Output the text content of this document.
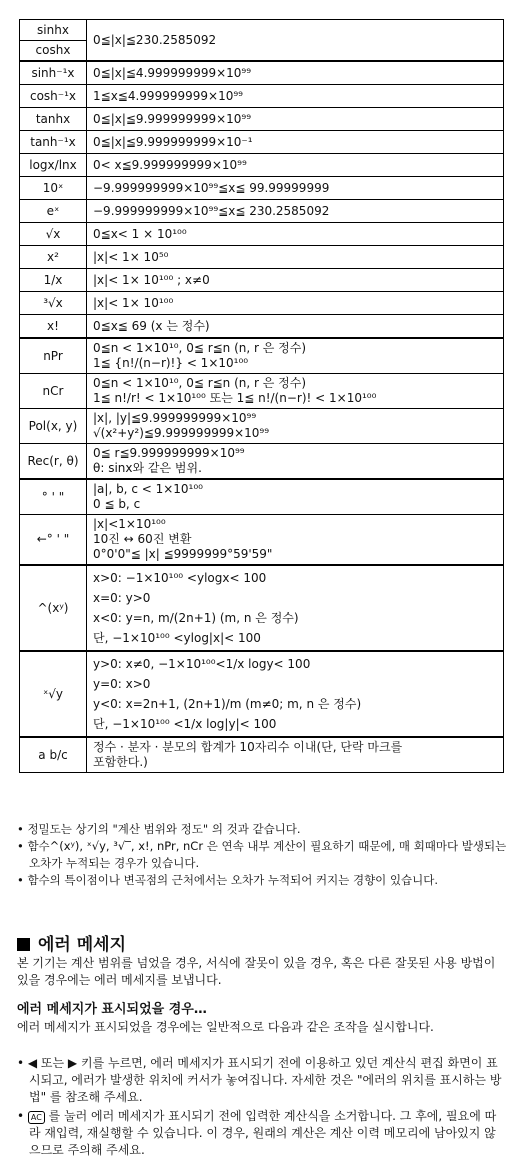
sinhx
coshx	0≦|x|≦230.2585092
sinh⁻¹x	0≦|x|≦4.999999999×10⁹⁹
cosh⁻¹x	1≦x≦4.999999999×10⁹⁹
tanhx	0≦|x|≦9.999999999×10⁹⁹
tanh⁻¹x	0≦|x|≦9.999999999×10⁻¹
logx/lnx	0< x≦9.999999999×10⁹⁹
10ˣ	−9.999999999×10⁹⁹≦x≦ 99.99999999
eˣ	−9.999999999×10⁹⁹≦x≦ 230.2585092
√x	0≦x< 1 × 10¹⁰⁰
x²	|x|< 1× 10⁵⁰
1/x	|x|< 1× 10¹⁰⁰ ; x≠0
³√x	|x|< 1× 10¹⁰⁰
x!	0≦x≦ 69 (x 는 정수)
nPr	0≦n < 1×10¹⁰, 0≦ r≦n (n, r 은 정수)
1≦ {n!/(n−r)!} < 1×10¹⁰⁰

nCr	0≦n < 1×10¹⁰, 0≦ r≦n (n, r 은 정수)
1≦ n!/r! < 1×10¹⁰⁰ 또는 1≦ n!/(n−r)! < 1×10¹⁰⁰

Pol(x, y)	|x|, |y|≦9.999999999×10⁹⁹
√(x²+y²)≦9.999999999×10⁹⁹

Rec(r, θ)	0≦ r≦9.999999999×10⁹⁹
θ: sinx와 같은 범위.

° ' "	|a|, b, c < 1×10¹⁰⁰
0 ≦ b, c

←° ' "	|x|<1×10¹⁰⁰
10진 ↔ 60진 변환
0°0'0"≦ |x| ≦9999999°59'59"

^(xʸ)	x>0: −1×10¹⁰⁰ <ylogx< 100
x=0: y>0
x<0: y=n, m/(2n+1) (m, n 은 정수)
단, −1×10¹⁰⁰ <ylog|x|< 100

ˣ√y	y>0: x≠0, −1×10¹⁰⁰<1/x logy< 100
y=0: x>0
y<0: x=2n+1, (2n+1)/m (m≠0; m, n 은 정수)
단, −1×10¹⁰⁰ <1/x log|y|< 100

a b/c	정수 · 분자 · 분모의 합계가 10자리수 이내(단, 단락 마크를
포함한다.)
• 정밀도는 상기의 "계산 범위와 정도" 의 것과 같습니다.
• 함수^(xʸ), ˣ√y, ³√‾, x!, nPr, nCr 은 연속 내부 계산이 필요하기 때문에, 매 회때마다 발생되는 오차가 누적되는 경우가 있습니다.
• 함수의 특이점이나 변곡점의 근처에서는 오차가 누적되어 커지는 경향이 있습니다.
에러 메세지
본 기기는 계산 범위를 넘었을 경우, 서식에 잘못이 있을 경우, 혹은 다른 잘못된 사용 방법이 있을 경우에는 에러 메세지를 보냅니다.
에러 메세지가 표시되었을 경우…
에러 메세지가 표시되었을 경우에는 일반적으로 다음과 같은 조작을 실시합니다.
• ◀ 또는 ▶ 키를 누르면, 에러 메세지가 표시되기 전에 이용하고 있던 계산식 편집 화면이 표시되고, 에러가 발생한 위치에 커서가 놓여집니다. 자세한 것은 "에러의 위치를 표시하는 방법" 를 참조해 주세요.
• AC 를 눌러 에러 메세지가 표시되기 전에 입력한 계산식을 소거합니다. 그 후에, 필요에 따라 재입력, 재실행할 수 있습니다. 이 경우, 원래의 계산은 계산 이력 메모리에 남아있지 않으므로 주의해 주세요.
